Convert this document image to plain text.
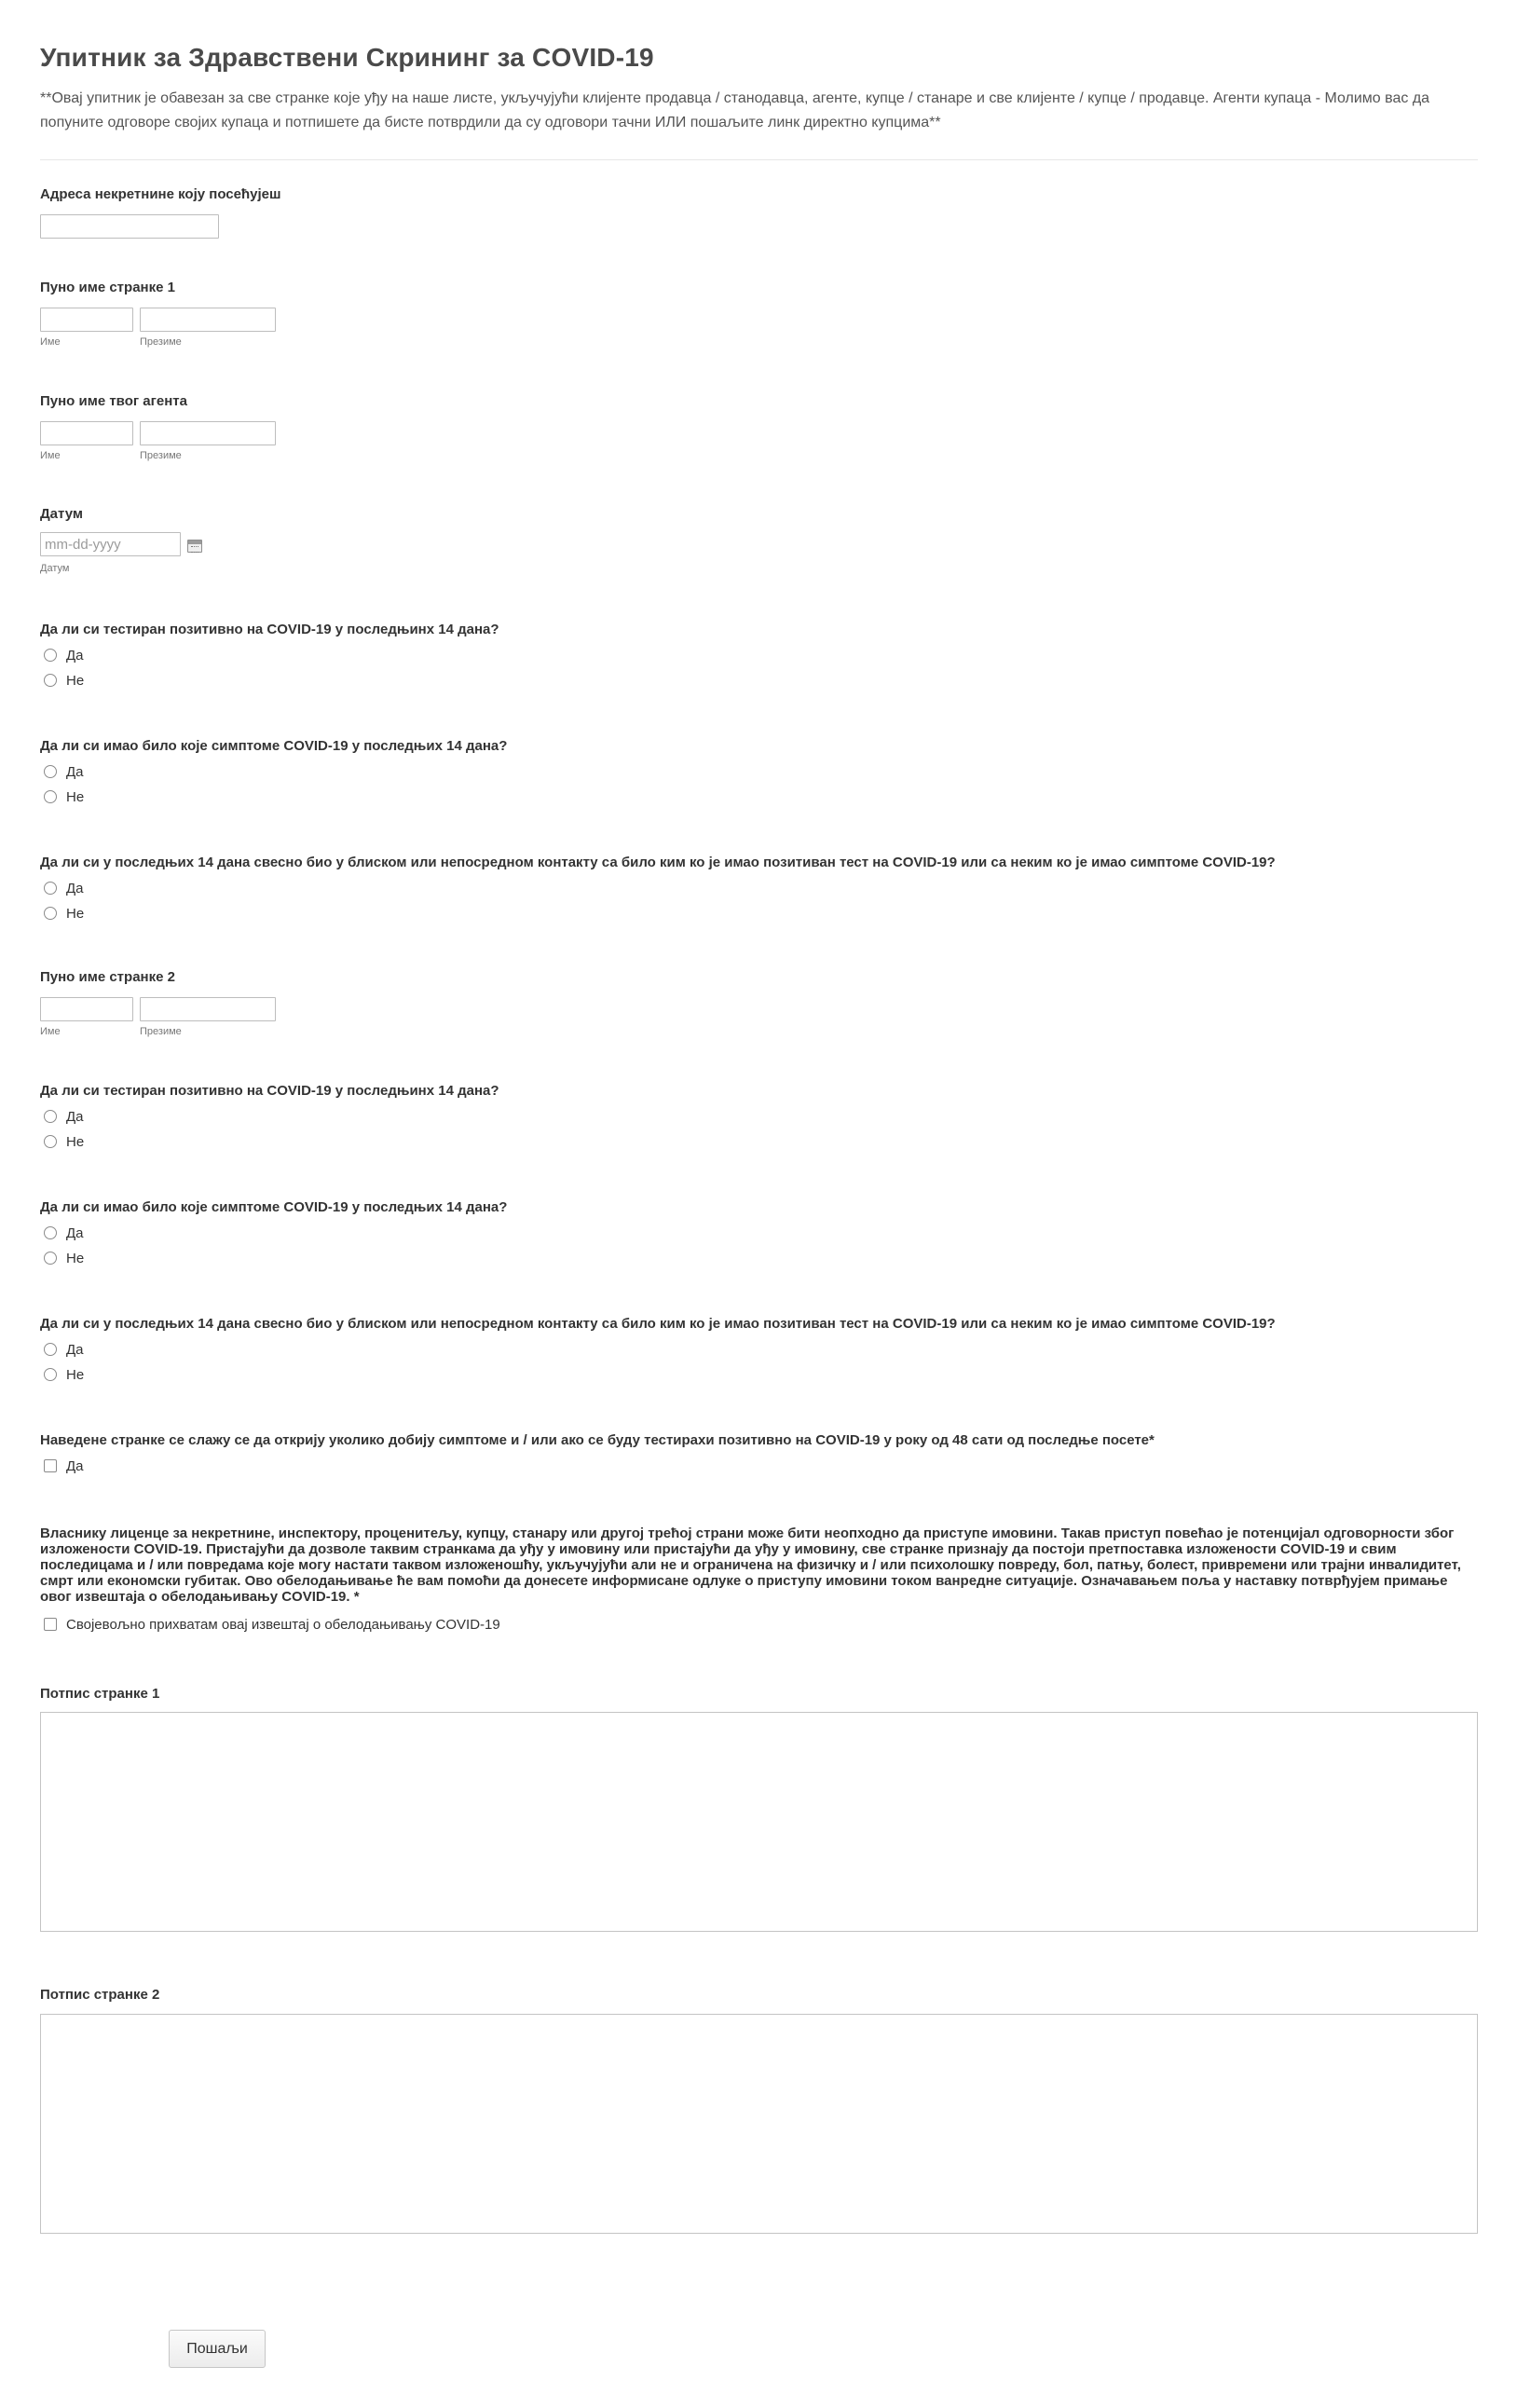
Упитник за Здравствени Скрининг за COVID-19

**Овај упитник је обавезан за све странке које уђу на наше листе, укључујући клијенте продавца / станодавца, агенте, купце / станаре и све клијенте / купце / продавце. Агенти купаца - Молимо вас да попуните одговоре својих купаца и потпишете да бисте потврдили да су одговори тачни ИЛИ пошаљите линк директно купцима**

Адреса некретнине коју посећујеш
Пуно име странке 1
Име	Презиме
Пуно име твог агента
Име	Презиме
Датум
mm-dd-yyyy
Датум
Да ли си тестиран позитивно на COVID-19 у последњинх 14 дана?
Да
Не
Да ли си имао било које симптоме COVID-19 у последњих 14 дана?
Да
Не
Да ли си у последњих 14 дана свесно био у блиском или непосредном контакту са било ким ко је имао позитиван тест на COVID-19 или са неким ко је имао симптоме COVID-19?
Да
Не
Пуно име странке 2
Име	Презиме
Да ли си тестиран позитивно на COVID-19 у последњинх 14 дана?
Да
Не
Да ли си имао било које симптоме COVID-19 у последњих 14 дана?
Да
Не
Да ли си у последњих 14 дана свесно био у блиском или непосредном контакту са било ким ко је имао позитиван тест на COVID-19 или са неким ко је имао симптоме COVID-19?
Да
Не
Наведене странке се слажу се да открију уколико добију симптоме и / или ако се буду тестирахи позитивно на COVID-19 у року од 48 сати од последње посете*
Да
Власнику лиценце за некретнине, инспектору, проценитељу, купцу, станару или другој трећој страни може бити неопходно да приступе имовини. Такав приступ повећао је потенцијал одговорности због изложености COVID-19. Пристајући да дозволе таквим странкама да уђу у имовину или пристајући да уђу у имовину, све странке признају да постоји претпоставка изложености COVID-19 и свим последицама и / или повредама које могу настати таквом изложеношћу, укључујући али не и ограничена на физичку и / или психолошку повреду, бол, патњу, болест, привремени или трајни инвалидитет, смрт или економски губитак. Ово обелодањивање ће вам помоћи да донесете информисане одлуке о приступу имовини током ванредне ситуације. Означавањем поља у наставку потврђујем примање овог извештаја о обелодањивању COVID-19. *
Својевољно прихватам овај извештај о обелодањивању COVID-19
Потпис странке 1
Потпис странке 2
Пошаљи
